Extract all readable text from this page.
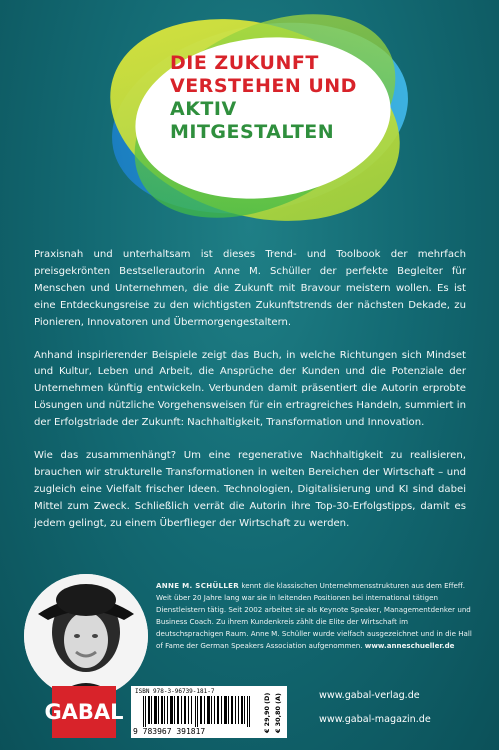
DIE ZUKUNFT
VERSTEHEN UND
AKTIV
MITGESTALTEN

Praxisnah und unterhaltsam ist dieses Trend- und Toolbook der mehrfach preisgekrönten Bestsellerautorin Anne M. Schüller der perfekte Begleiter für Menschen und Unternehmen, die die Zukunft mit Bravour meistern wollen. Es ist eine Entdeckungsreise zu den wichtigsten Zukunftstrends der nächsten Dekade, zu Pionieren, Innovatoren und Übermorgengestaltern.

Anhand inspirierender Beispiele zeigt das Buch, in welche Richtungen sich Mindset und Kultur, Leben und Arbeit, die Ansprüche der Kunden und die Potenziale der Unternehmen künftig entwickeln. Verbunden damit präsentiert die Autorin erprobte Lösungen und nützliche Vorgehensweisen für ein ertragreiches Handeln, summiert in der Erfolgstriade der Zukunft: Nachhaltigkeit, Transformation und Innovation.

Wie das zusammenhängt? Um eine regenerative Nachhaltigkeit zu realisieren, brauchen wir strukturelle Transformationen in weiten Bereichen der Wirtschaft – und zugleich eine Vielfalt frischer Ideen. Technologien, Digitalisierung und KI sind dabei Mittel zum Zweck. Schließlich verrät die Autorin ihre Top-30-Erfolgstipps, damit es jedem gelingt, zu einem Überflieger der Wirtschaft zu werden.

ANNE M. SCHÜLLER kennt die klassischen Unternehmensstrukturen aus dem Effeff. Weit über 20 Jahre lang war sie in leitenden Positionen bei international tätigen Dienstleistern tätig. Seit 2002 arbeitet sie als Keynote Speaker, Managementdenker und Business Coach. Zu ihrem Kundenkreis zählt die Elite der Wirtschaft im deutschsprachigen Raum. Anne M. Schüller wurde vielfach ausgezeichnet und in die Hall of Fame der German Speakers Association aufgenommen. www.anneschueller.de
GABAL
ISBN 978-3-96739-181-7
9 783967 391817	€ 29,90 (D) € 30,80 (A)	www.gabal-verlag.de
www.gabal-magazin.de
